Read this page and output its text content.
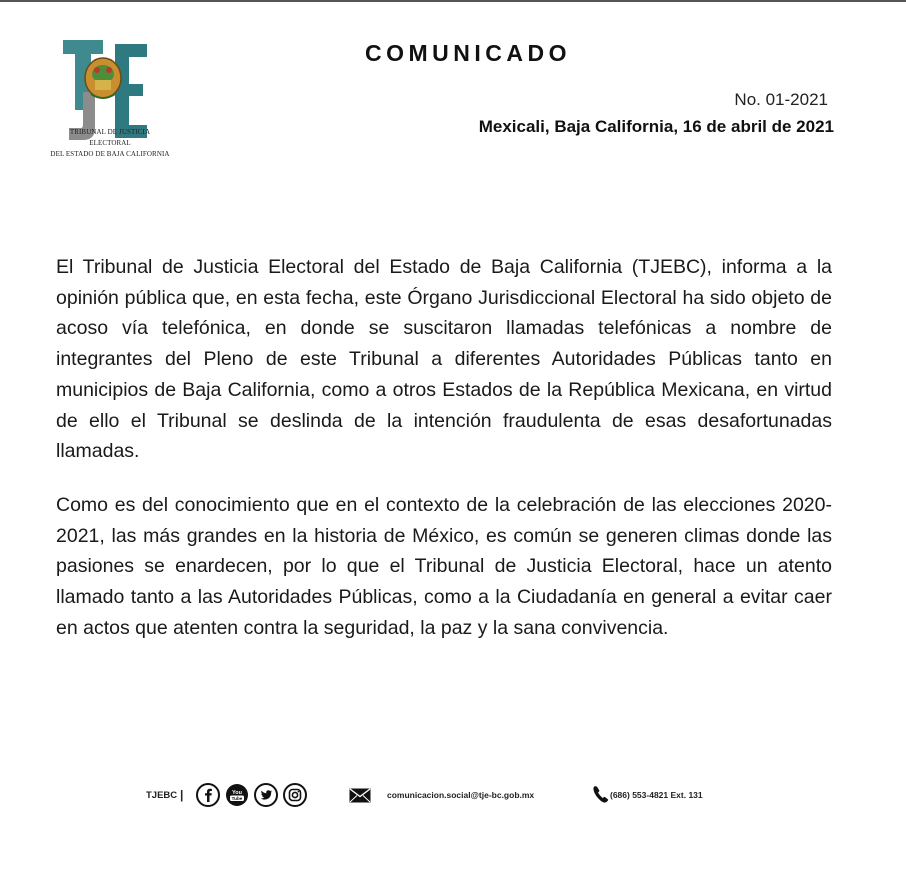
TRIBUNAL DE JUSTICIA ELECTORAL
DEL ESTADO DE BAJA CALIFORNIA
COMUNICADO
No. 01-2021
Mexicali, Baja California, 16 de abril de 2021

El Tribunal de Justicia Electoral del Estado de Baja California (TJEBC), informa a la opinión pública que, en esta fecha, este Órgano Jurisdiccional Electoral ha sido objeto de acoso vía telefónica, en donde se suscitaron llamadas telefónicas a nombre de integrantes del Pleno de este Tribunal a diferentes Autoridades Públicas tanto en municipios de Baja California, como a otros Estados de la República Mexicana, en virtud de ello el Tribunal se deslinda de la intención fraudulenta de esas desafortunadas llamadas.

Como es del conocimiento que en el contexto de la celebración de las elecciones 2020-2021, las más grandes en la historia de México, es común se generen climas donde las pasiones se enardecen, por lo que el Tribunal de Justicia Electoral, hace un atento llamado tanto a las Autoridades Públicas, como a la Ciudadanía en general a evitar caer en actos que atenten contra la seguridad, la paz y la sana convivencia.

TJEBC |	You
Tube	comunicacion.social@tje-bc.gob.mx	(686) 553-4821 Ext. 131
